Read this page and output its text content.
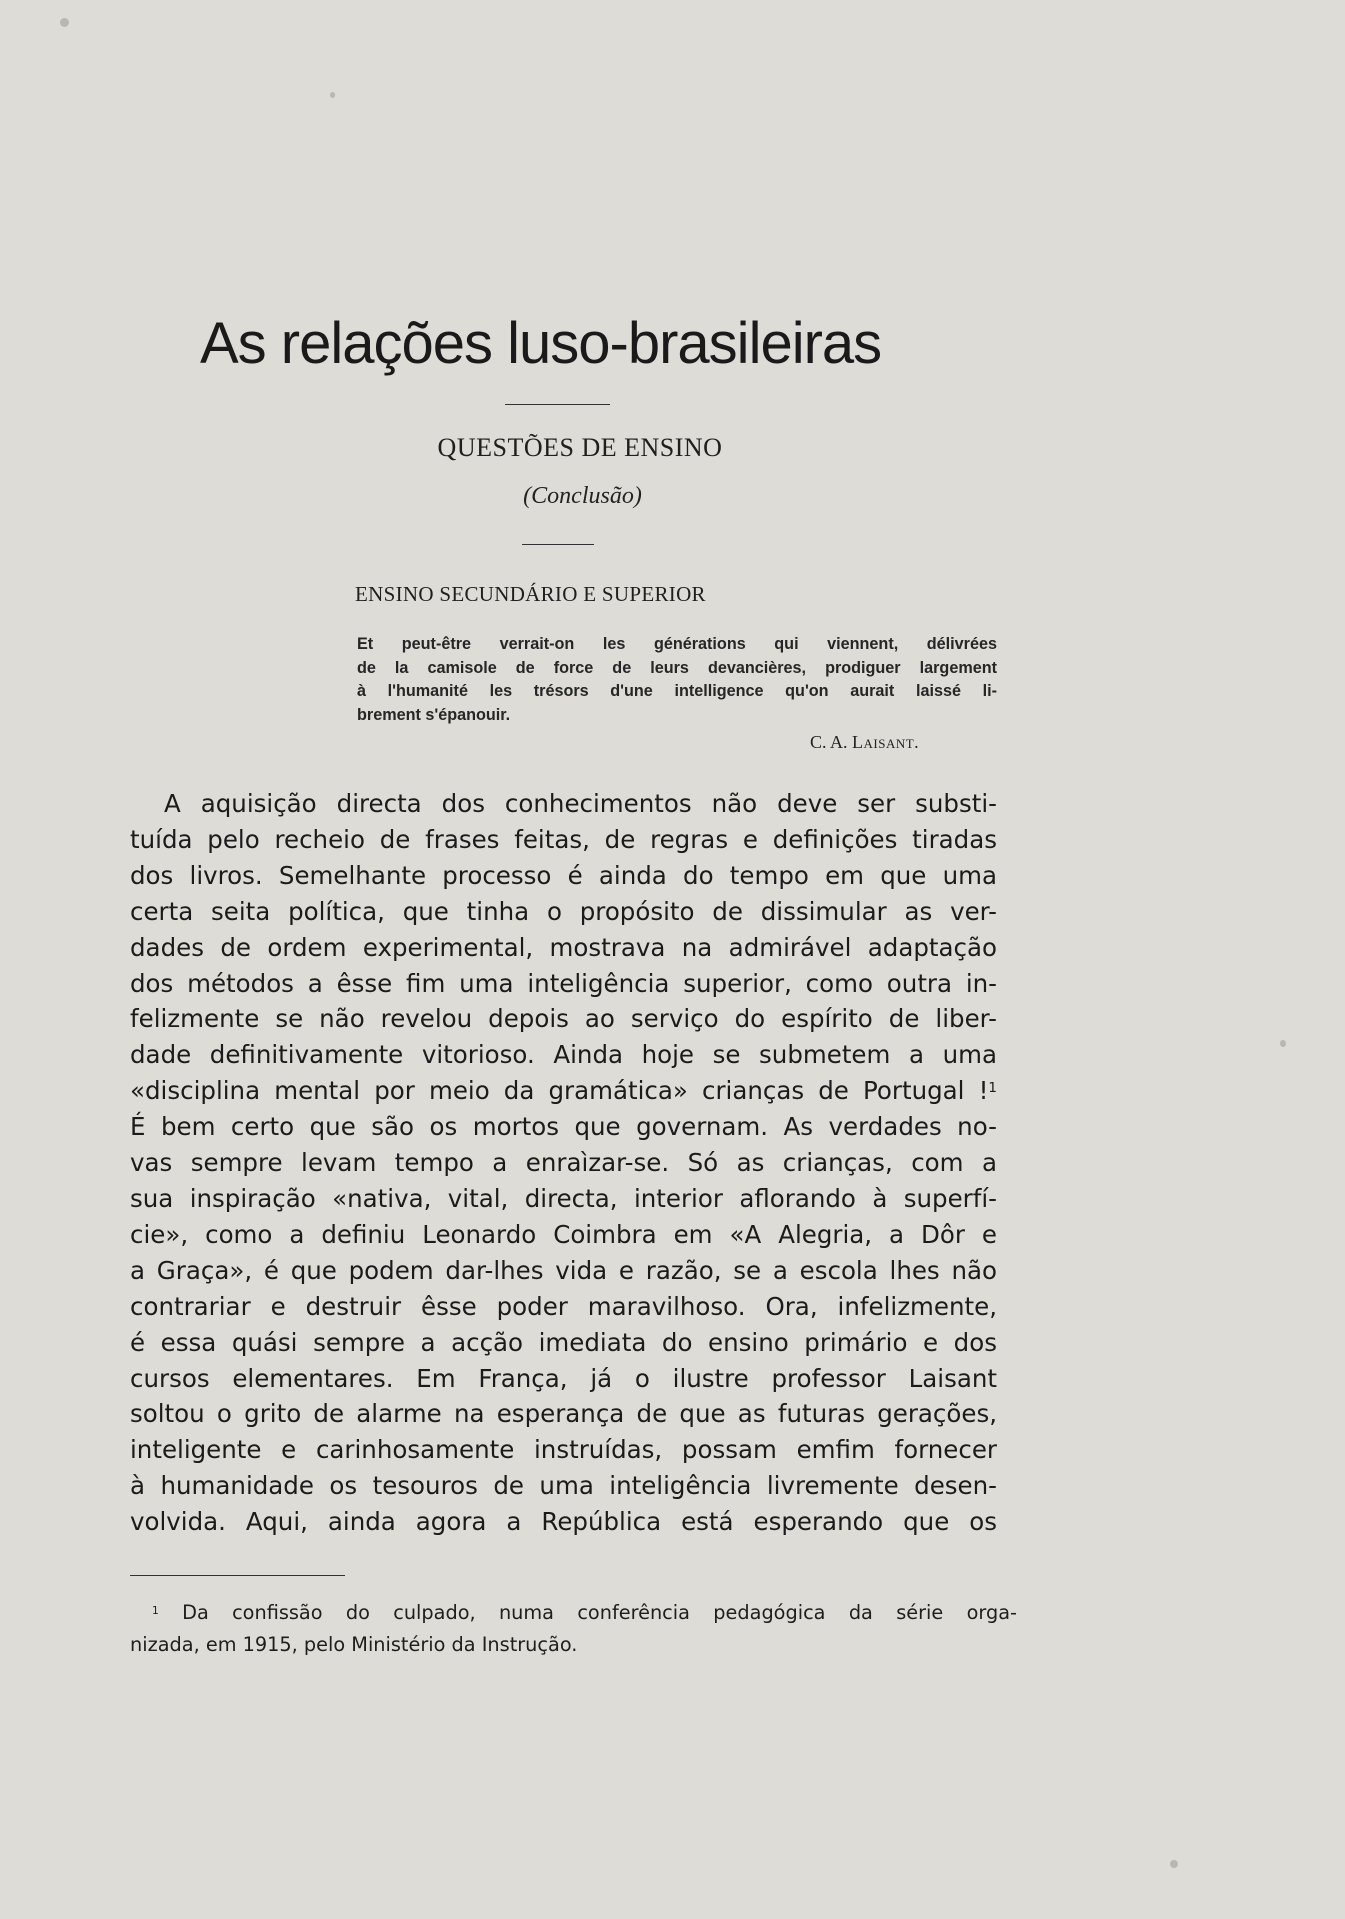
As relações luso-brasileiras
QUESTÕES DE ENSINO
(Conclusão)
ENSINO SECUNDÁRIO E SUPERIOR
Et peut-être verrait-on les générations qui viennent, délivrées
de la camisole de force de leurs devancières, prodiguer largement
à l'humanité les trésors d'une intelligence qu'on aurait laissé li-
brement s'épanouir.
C. A. Laisant.
A aquisição directa dos conhecimentos não deve ser substi-
tuída pelo recheio de frases feitas, de regras e definições tiradas
dos livros. Semelhante processo é ainda do tempo em que uma
certa seita política, que tinha o propósito de dissimular as ver-
dades de ordem experimental, mostrava na admirável adaptação
dos métodos a êsse fim uma inteligência superior, como outra in-
felizmente se não revelou depois ao serviço do espírito de liber-
dade definitivamente vitorioso. Ainda hoje se submetem a uma
«disciplina mental por meio da gramática» crianças de Portugal !$^1$
É bem certo que são os mortos que governam. As verdades no-
vas sempre levam tempo a enraìzar-se. Só as crianças, com a
sua inspiração «nativa, vital, directa, interior aflorando à superfí-
cie», como a definiu Leonardo Coimbra em «A Alegria, a Dôr e
a Graça», é que podem dar-lhes vida e razão, se a escola lhes não
contrariar e destruir êsse poder maravilhoso. Ora, infelizmente,
é essa quási sempre a acção imediata do ensino primário e dos
cursos elementares. Em França, já o ilustre professor Laisant
soltou o grito de alarme na esperança de que as futuras gerações,
inteligente e carinhosamente instruídas, possam emfim fornecer
à humanidade os tesouros de uma inteligência livremente desen-
volvida. Aqui, ainda agora a República está esperando que os
$^1$ Da confissão do culpado, numa conferência pedagógica da série orga-
nizada, em 1915, pelo Ministério da Instrução.
